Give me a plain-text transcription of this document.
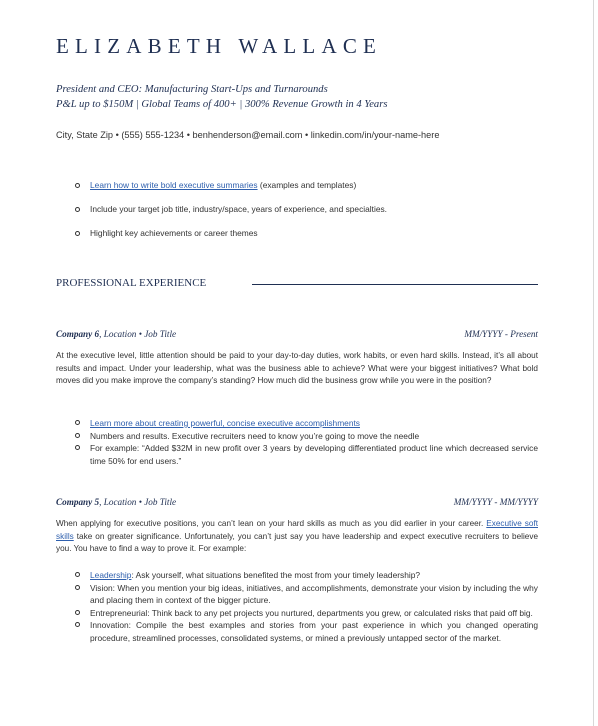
ELIZABETH WALLACE
President and CEO: Manufacturing Start-Ups and Turnarounds
P&L up to $150M | Global Teams of 400+ | 300% Revenue Growth in 4 Years
City, State Zip • (555) 555-1234 • benhenderson@email.com • linkedin.com/in/your-name-here
Learn how to write bold executive summaries (examples and templates)
Include your target job title, industry/space, years of experience, and specialties.
Highlight key achievements or career themes
PROFESSIONAL EXPERIENCE
Company 6, Location • Job Title	MM/YYYY - Present

At the executive level, little attention should be paid to your day-to-day duties, work habits, or even hard skills. Instead, it’s all about results and impact. Under your leadership, what was the business able to achieve? What were your biggest initiatives? What bold moves did you make improve the company’s standing? How much did the business grow while you were in the position?

Learn more about creating powerful, concise executive accomplishments
Numbers and results. Executive recruiters need to know you’re going to move the needle
For example: “Added $32M in new profit over 3 years by developing differentiated product line which decreased service time 50% for end users.”
Company 5, Location • Job Title	MM/YYYY - MM/YYYY

When applying for executive positions, you can’t lean on your hard skills as much as you did earlier in your career. Executive soft skills take on greater significance. Unfortunately, you can’t just say you have leadership and expect executive recruiters to believe you. You have to find a way to prove it. For example:

Leadership: Ask yourself, what situations benefited the most from your timely leadership?
Vision: When you mention your big ideas, initiatives, and accomplishments, demonstrate your vision by including the why and placing them in context of the bigger picture.
Entrepreneurial: Think back to any pet projects you nurtured, departments you grew, or calculated risks that paid off big.
Innovation: Compile the best examples and stories from your past experience in which you changed operating procedure, streamlined processes, consolidated systems, or mined a previously untapped sector of the market.
